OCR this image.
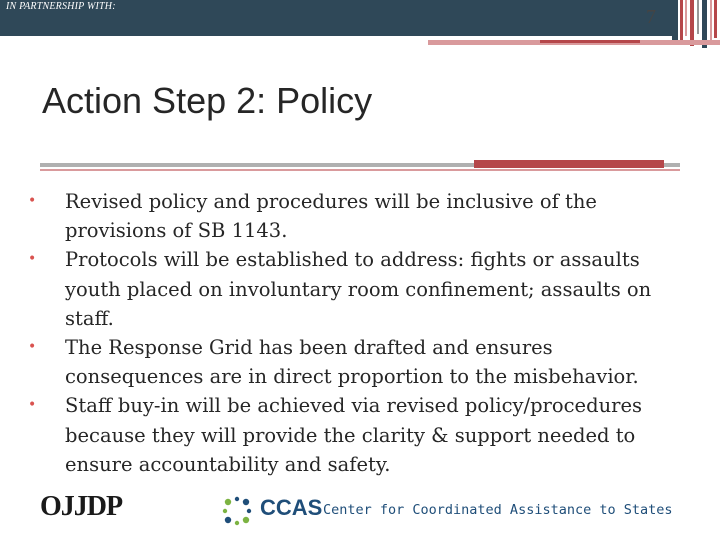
IN PARTNERSHIP WITH:	7
Action Step 2: Policy
• Revised policy and procedures will be inclusive of the provisions of SB 1143.
• Protocols will be established to address: fights or assaults youth placed on involuntary room confinement; assaults on staff.
• The Response Grid has been drafted and ensures consequences are in direct proportion to the misbehavior.
• Staff buy-in will be achieved via revised policy/procedures because they will provide the clarity & support needed to ensure accountability and safety.
OJJDP	CCAS Center for Coordinated Assistance to States
